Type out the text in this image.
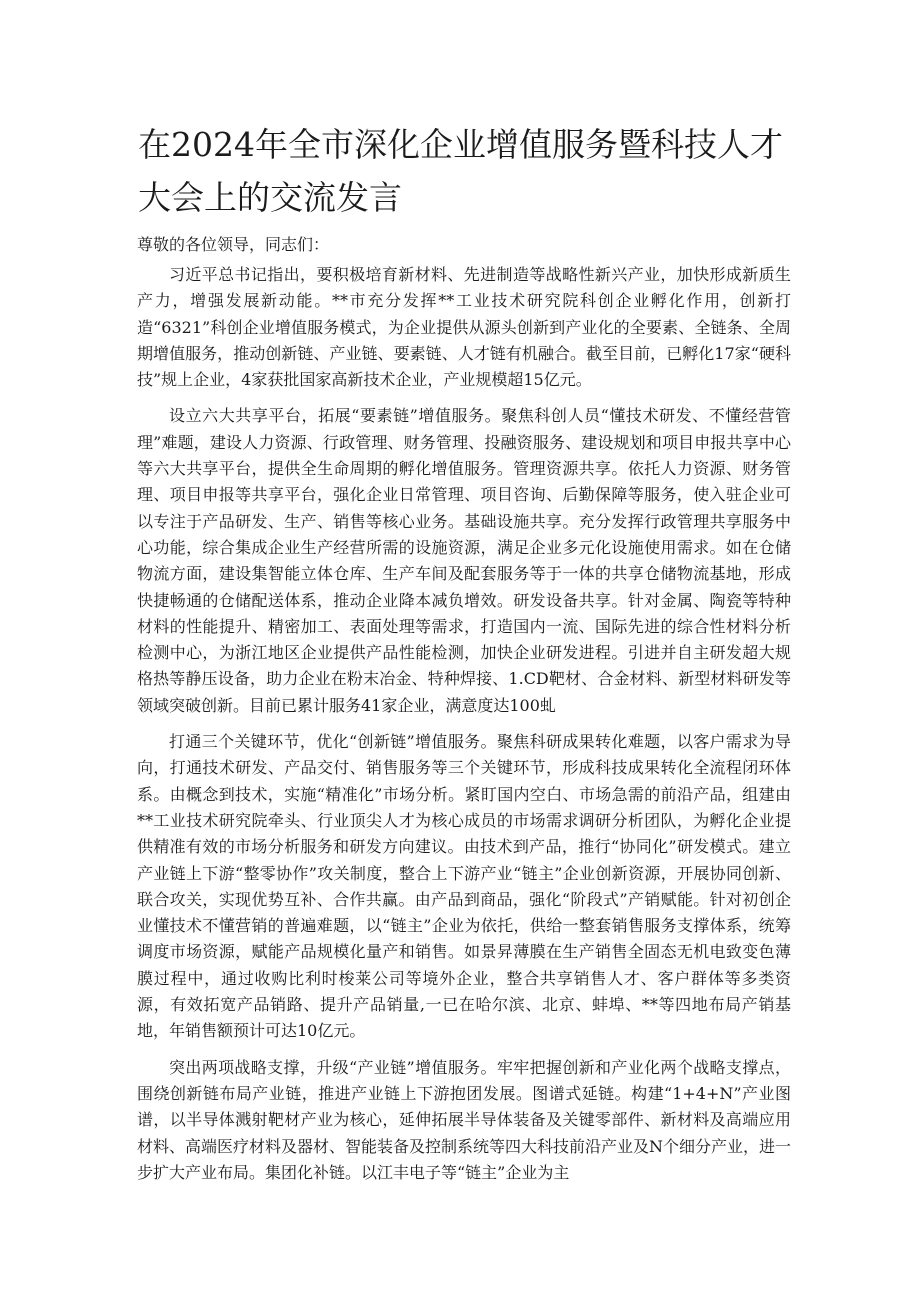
在2024年全市深化企业增值服务暨科技人才大会上的交流发言

尊敬的各位领导，同志们：

习近平总书记指出，要积极培育新材料、先进制造等战略性新兴产业，加快形成新质生产力，增强发展新动能。**市充分发挥**工业技术研究院科创企业孵化作用，创新打造“6321”科创企业增值服务模式，为企业提供从源头创新到产业化的全要素、全链条、全周期增值服务，推动创新链、产业链、要素链、人才链有机融合。截至目前，已孵化17家“硬科技”规上企业，4家获批国家高新技术企业，产业规模超15亿元。

设立六大共享平台，拓展“要素链”增值服务。聚焦科创人员“懂技术研发、不懂经营管理”难题，建设人力资源、行政管理、财务管理、投融资服务、建设规划和项目申报共享中心等六大共享平台，提供全生命周期的孵化增值服务。管理资源共享。依托人力资源、财务管理、项目申报等共享平台，强化企业日常管理、项目咨询、后勤保障等服务，使入驻企业可以专注于产品研发、生产、销售等核心业务。基础设施共享。充分发挥行政管理共享服务中心功能，综合集成企业生产经营所需的设施资源，满足企业多元化设施使用需求。如在仓储物流方面，建设集智能立体仓库、生产车间及配套服务等于一体的共享仓储物流基地，形成快捷畅通的仓储配送体系，推动企业降本减负增效。研发设备共享。针对金属、陶瓷等特种材料的性能提升、精密加工、表面处理等需求，打造国内一流、国际先进的综合性材料分析检测中心，为浙江地区企业提供产品性能检测，加快企业研发进程。引进并自主研发超大规格热等静压设备，助力企业在粉末冶金、特种焊接、1.CD靶材、合金材料、新型材料研发等领域突破创新。目前已累计服务41家企业，满意度达100虬

打通三个关键环节，优化“创新链”增值服务。聚焦科研成果转化难题，以客户需求为导向，打通技术研发、产品交付、销售服务等三个关键环节，形成科技成果转化全流程闭环体系。由概念到技术，实施“精准化”市场分析。紧盯国内空白、市场急需的前沿产品，组建由**工业技术研究院牵头、行业顶尖人才为核心成员的市场需求调研分析团队，为孵化企业提供精准有效的市场分析服务和研发方向建议。由技术到产品，推行“协同化”研发模式。建立产业链上下游“整零协作”攻关制度，整合上下游产业“链主”企业创新资源，开展协同创新、联合攻关，实现优势互补、合作共赢。由产品到商品，强化“阶段式”产销赋能。针对初创企业懂技术不懂营销的普遍难题，以“链主”企业为依托，供给一整套销售服务支撑体系，统筹调度市场资源，赋能产品规模化量产和销售。如景昇薄膜在生产销售全固态无机电致变色薄膜过程中，通过收购比利时梭莱公司等境外企业，整合共享销售人才、客户群体等多类资源，有效拓宽产品销路、提升产品销量,一已在哈尔滨、北京、蚌埠、**等四地布局产销基地，年销售额预计可达10亿元。

突出两项战略支撑，升级“产业链”增值服务。牢牢把握创新和产业化两个战略支撑点，围绕创新链布局产业链，推进产业链上下游抱团发展。图谱式延链。构建“1+4+N”产业图谱，以半导体溅射靶材产业为核心，延伸拓展半导体装备及关键零部件、新材料及高端应用材料、高端医疗材料及器材、智能装备及控制系统等四大科技前沿产业及N个细分产业，进一步扩大产业布局。集团化补链。以江丰电子等“链主”企业为主
